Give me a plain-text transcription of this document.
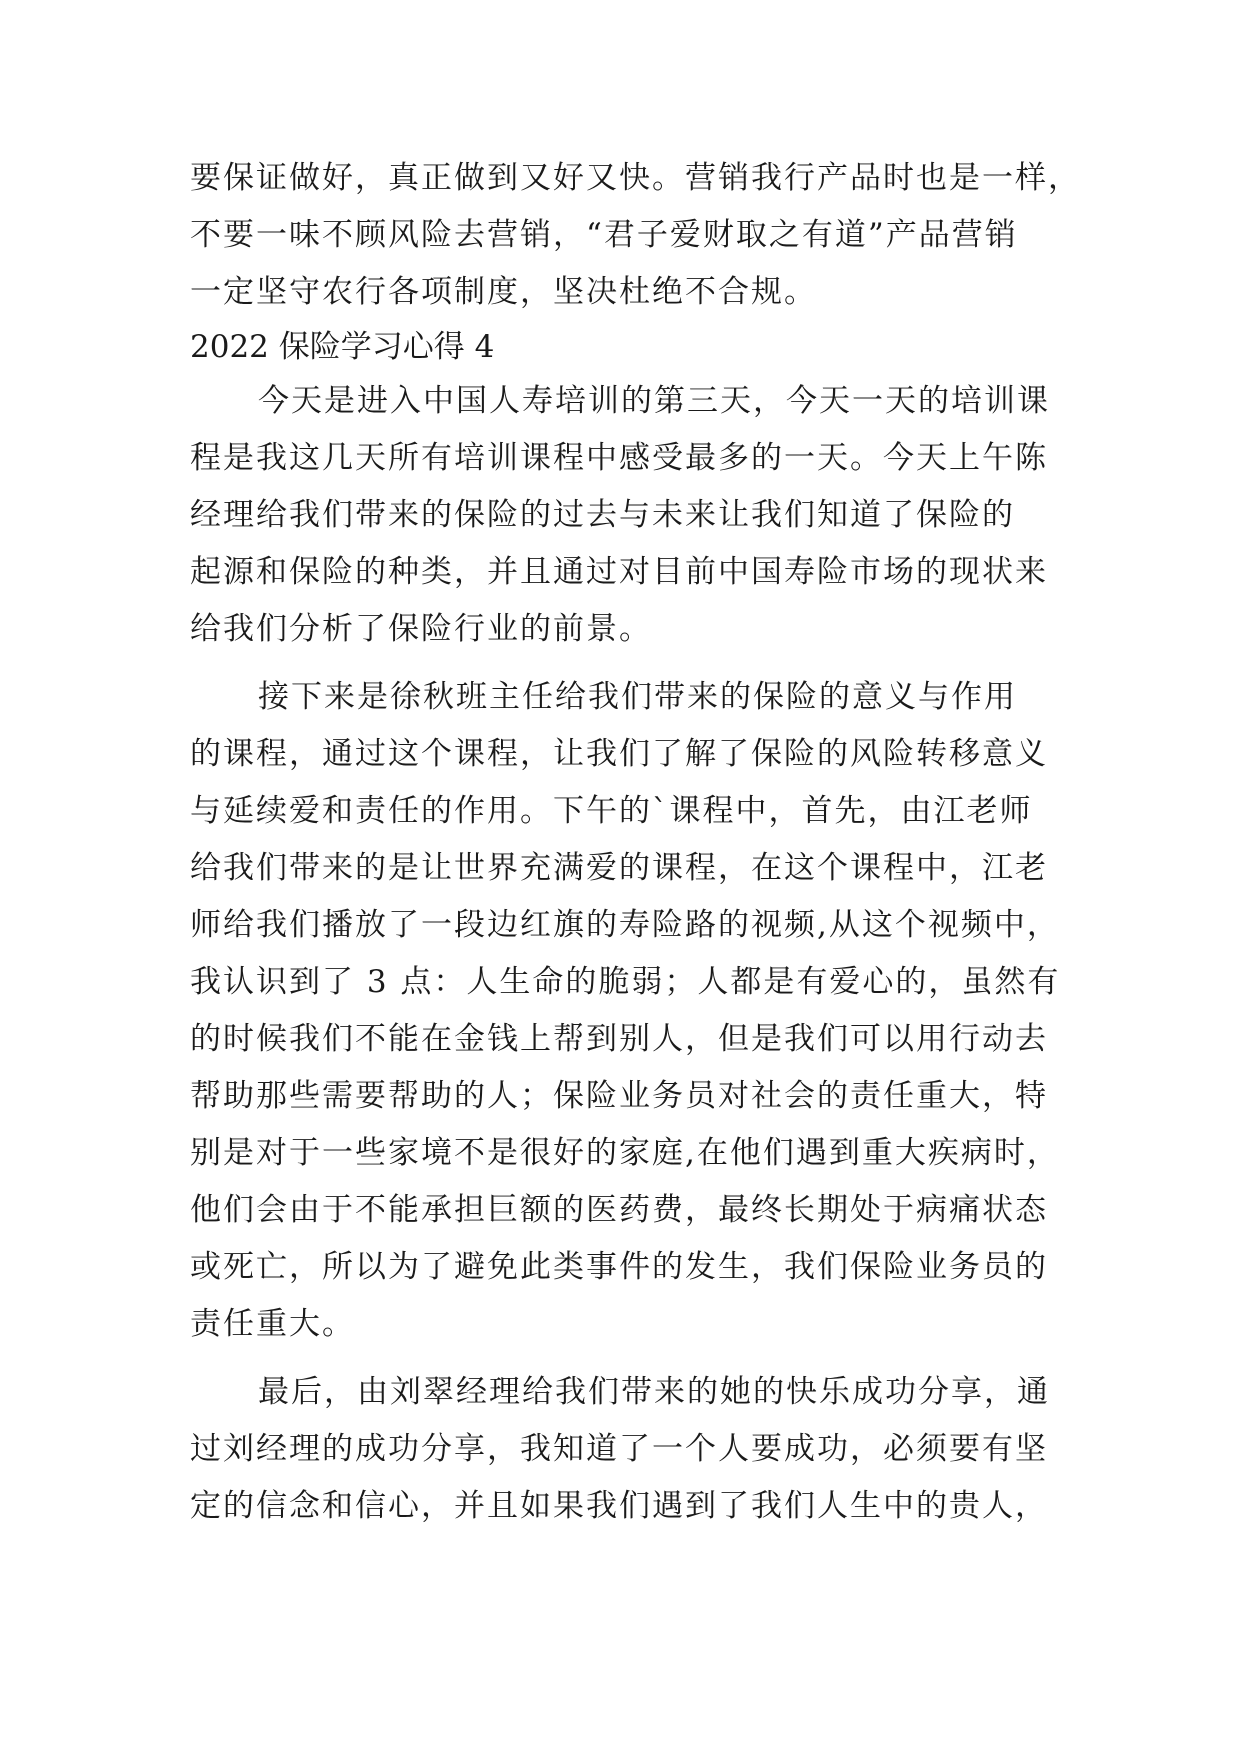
要保证做好，真正做到又好又快。营销我行产品时也是一样，
不要一味不顾风险去营销，“君子爱财取之有道”产品营销
一定坚守农行各项制度，坚决杜绝不合规。
2022 保险学习心得 4
今天是进入中国人寿培训的第三天，今天一天的培训课
程是我这几天所有培训课程中感受最多的一天。今天上午陈
经理给我们带来的保险的过去与未来让我们知道了保险的
起源和保险的种类，并且通过对目前中国寿险市场的现状来
给我们分析了保险行业的前景。
接下来是徐秋班主任给我们带来的保险的意义与作用
的课程，通过这个课程，让我们了解了保险的风险转移意义
与延续爱和责任的作用。下午的`课程中，首先，由江老师
给我们带来的是让世界充满爱的课程，在这个课程中，江老
师给我们播放了一段边红旗的寿险路的视频,从这个视频中，
我认识到了 3 点：人生命的脆弱；人都是有爱心的，虽然有
的时候我们不能在金钱上帮到别人，但是我们可以用行动去
帮助那些需要帮助的人；保险业务员对社会的责任重大，特
别是对于一些家境不是很好的家庭,在他们遇到重大疾病时，
他们会由于不能承担巨额的医药费，最终长期处于病痛状态
或死亡，所以为了避免此类事件的发生，我们保险业务员的
责任重大。
最后，由刘翠经理给我们带来的她的快乐成功分享，通
过刘经理的成功分享，我知道了一个人要成功，必须要有坚
定的信念和信心，并且如果我们遇到了我们人生中的贵人，
